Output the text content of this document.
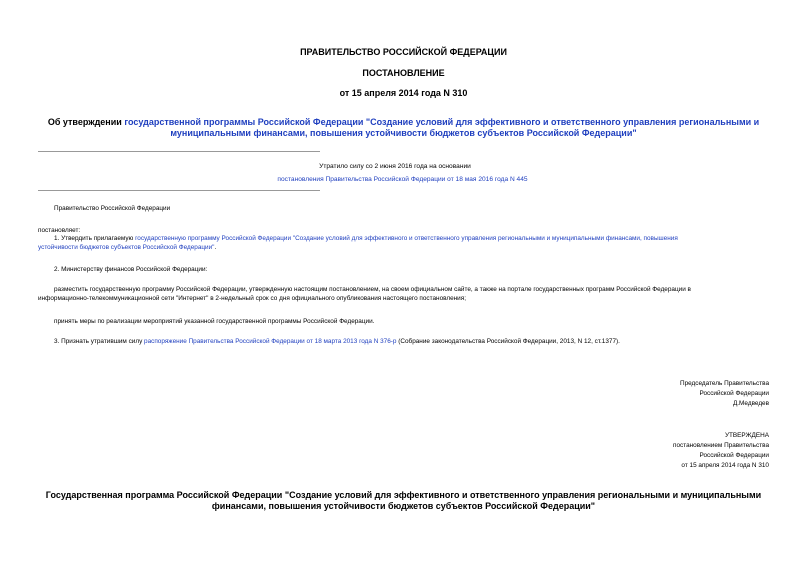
ПРАВИТЕЛЬСТВО РОССИЙСКОЙ ФЕДЕРАЦИИ
ПОСТАНОВЛЕНИЕ
от 15 апреля 2014 года N 310
Об утверждении государственной программы Российской Федерации "Создание условий для эффективного и ответственного управления региональными и
муниципальными финансами, повышения устойчивости бюджетов субъектов Российской Федерации"
Утратило силу со 2 июня 2016 года на основании
постановления Правительства Российской Федерации от 18 мая 2016 года N 445
Правительство Российской Федерации
постановляет:
1. Утвердить прилагаемую государственную программу Российской Федерации "Создание условий для эффективного и ответственного управления региональными и муниципальными финансами, повышения
устойчивости бюджетов субъектов Российской Федерации".
2. Министерству финансов Российской Федерации:
разместить государственную программу Российской Федерации, утвержденную настоящим постановлением, на своем официальном сайте, а также на портале государственных программ Российской Федерации в
информационно-телекоммуникационной сети "Интернет" в 2-недельный срок со дня официального опубликования настоящего постановления;
принять меры по реализации мероприятий указанной государственной программы Российской Федерации.
3. Признать утратившим силу распоряжение Правительства Российской Федерации от 18 марта 2013 года N 376-р (Собрание законодательства Российской Федерации, 2013, N 12, ст.1377).
Председатель Правительства
Российской Федерации
Д.Медведев
УТВЕРЖДЕНА
постановлением Правительства
Российской Федерации
от 15 апреля 2014 года N 310
Государственная программа Российской Федерации "Создание условий для эффективного и ответственного управления региональными и муниципальными
финансами, повышения устойчивости бюджетов субъектов Российской Федерации"
